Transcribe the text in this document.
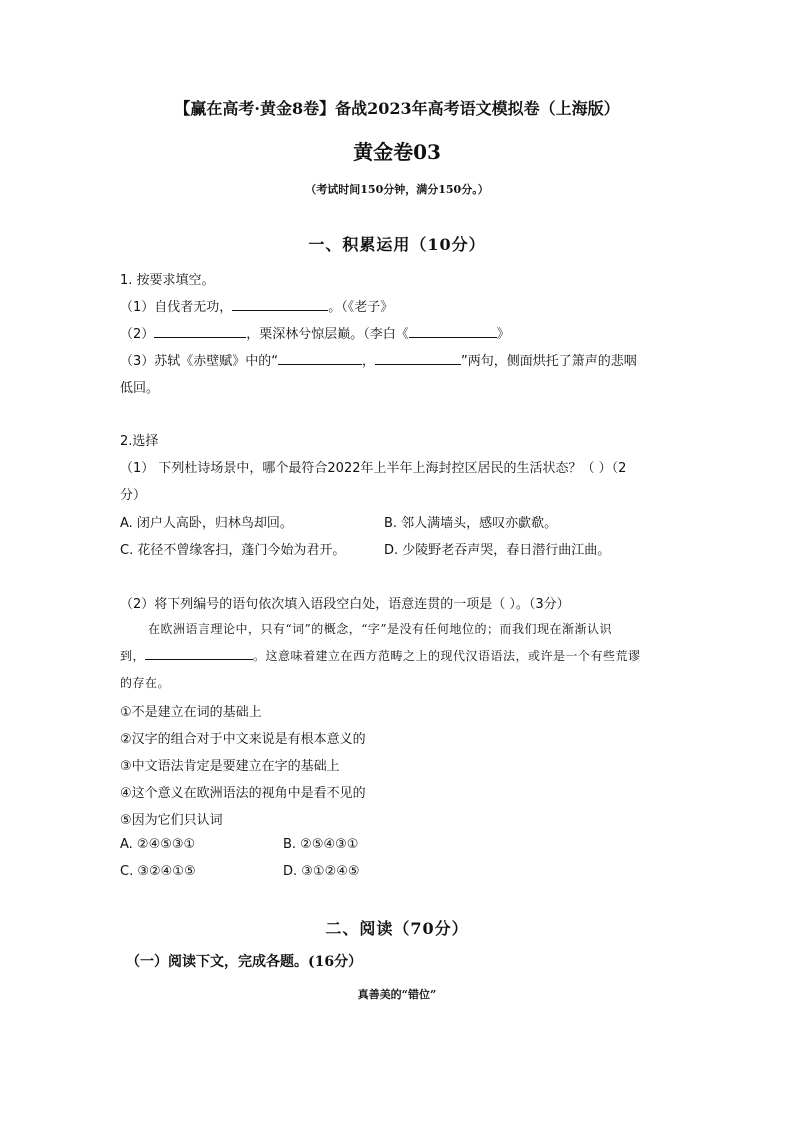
【赢在高考·黄金8卷】备战2023年高考语文模拟卷（上海版）
黄金卷03
（考试时间150分钟，满分150分。）
一、积累运用（10分）
1. 按要求填空。
（1）自伐者无功，	。（《老子》
（2）	，栗深林兮惊层巅。（李白《	》
（3）苏轼《赤壁赋》中的“	，	”两句，侧面烘托了箫声的悲咽
低回。
2.选择
（1） 下列杜诗场景中，哪个最符合2022年上半年上海封控区居民的生活状态？（ ）（2
分）
A. 闭户人高卧，归林鸟却回。	B. 邻人满墙头，感叹亦歔欷。
C. 花径不曾缘客扫，蓬门今始为君开。	D. 少陵野老吞声哭，春日潜行曲江曲。
（2）将下列编号的语句依次填入语段空白处，语意连贯的一项是（ ）。（3分）
在欧洲语言理论中，只有“词”的概念，“字”是没有任何地位的；而我们现在渐渐认识
到，	。这意味着建立在西方范畴之上的现代汉语语法，或许是一个有些荒谬
的存在。
①不是建立在词的基础上
②汉字的组合对于中文来说是有根本意义的
③中文语法肯定是要建立在字的基础上
④这个意义在欧洲语法的视角中是看不见的
⑤因为它们只认词
A. ②④⑤③①	B. ②⑤④③①
C. ③②④①⑤	D. ③①②④⑤
二、阅读（70分）
（一）阅读下文，完成各题。(16分）
真善美的“错位”
